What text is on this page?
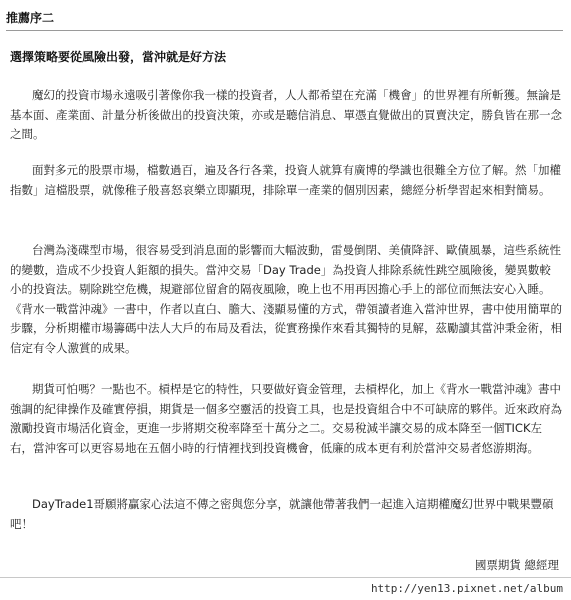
推薦序二
選擇策略要從風險出發，當沖就是好方法

魔幻的投資市場永遠吸引著像你我一樣的投資者，人人都希望在充滿「機會」的世界裡有所斬獲。無論是基本面、產業面、計量分析後做出的投資決策，亦或是聽信消息、單憑直覺做出的買賣決定，勝負皆在那一念之間。

面對多元的股票市場，檔數過百，遍及各行各業，投資人就算有廣博的學識也很難全方位了解。然「加權指數」這檔股票，就像稚子般喜怒哀樂立即顯現，排除單一產業的個別因素，總經分析學習起來相對簡易。

台灣為淺碟型市場，很容易受到消息面的影響而大幅波動，雷曼倒閉、美債降評、歐債風暴，這些系統性的變數，造成不少投資人鉅額的損失。當沖交易「Day Trade」為投資人排除系統性跳空風險後，變異數較小的投資法。剔除跳空危機，規避部位留倉的隔夜風險，晚上也不用再因擔心手上的部位而無法安心入睡。《背水一戰當沖魂》一書中，作者以直白、膽大、淺顯易懂的方式，帶領讀者進入當沖世界，書中使用簡單的步驟，分析期權市場籌碼中法人大戶的布局及看法，從實務操作來看其獨特的見解，茲勵讀其當沖秉金術，相信定有令人激賞的成果。

期貨可怕嗎？一點也不。槓桿是它的特性，只要做好資金管理，去槓桿化，加上《背水一戰當沖魂》書中強調的紀律操作及確實停損，期貨是一個多空靈活的投資工具，也是投資組合中不可缺席的夥伴。近來政府為激勵投資市場活化資金，更進一步將期交稅率降至十萬分之二。交易稅減半讓交易的成本降至一個TICK左右，當沖客可以更容易地在五個小時的行情裡找到投資機會，低廉的成本更有利於當沖交易者悠游期海。

DayTrade1哥願將贏家心法這不傳之密與您分享，就讓他帶著我們一起進入這期權魔幻世界中戰果豐碩吧！

國票期貨 總經理
http://yen13.pixnet.net/album
